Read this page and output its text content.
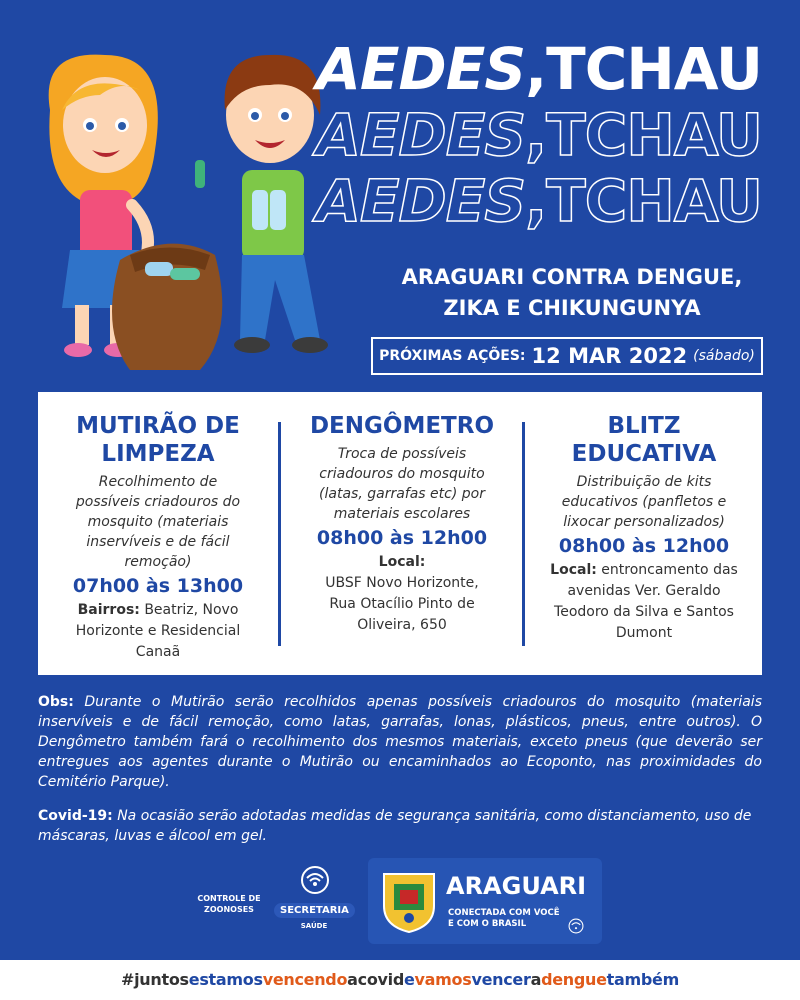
AEDES,TCHAU
AEDES,TCHAU
AEDES,TCHAU
ARAGUARI CONTRA DENGUE,
ZIKA E CHIKUNGUNYA
PRÓXIMAS AÇÕES: 12 MAR 2022 (sábado)
MUTIRÃO DE
LIMPEZA
Recolhimento de possíveis criadouros do mosquito (materiais inservíveis e de fácil remoção)
07h00 às 13h00
Bairros: Beatriz, Novo Horizonte e Residencial Canaã
DENGÔMETRO
Troca de possíveis criadouros do mosquito (latas, garrafas etc) por materiais escolares
08h00 às 12h00
Local:
UBSF Novo Horizonte, Rua Otacílio Pinto de Oliveira, 650
BLITZ
EDUCATIVA
Distribuição de kits educativos (panfletos e lixocar personalizados)
08h00 às 12h00
Local: entroncamento das avenidas Ver. Geraldo Teodoro da Silva e Santos Dumont
Obs: Durante o Mutirão serão recolhidos apenas possíveis criadouros do mosquito (materiais inservíveis e de fácil remoção, como latas, garrafas, lonas, plásticos, pneus, entre outros). O Dengômetro também fará o recolhimento dos mesmos materiais, exceto pneus (que deverão ser entregues aos agentes durante o Mutirão ou encaminhados ao Ecoponto, nas proximidades do Cemitério Parque).
Covid-19: Na ocasião serão adotadas medidas de segurança sanitária, como distanciamento, uso de máscaras, luvas e álcool em gel.
CONTROLE DE ZOONOSES	SECRETARIA
SAÚDE
ARAGUARI
CONECTADA COM VOCÊ
E COM O BRASIL
#juntosestamosvencendoacovidevamosvenceradenguetambém
